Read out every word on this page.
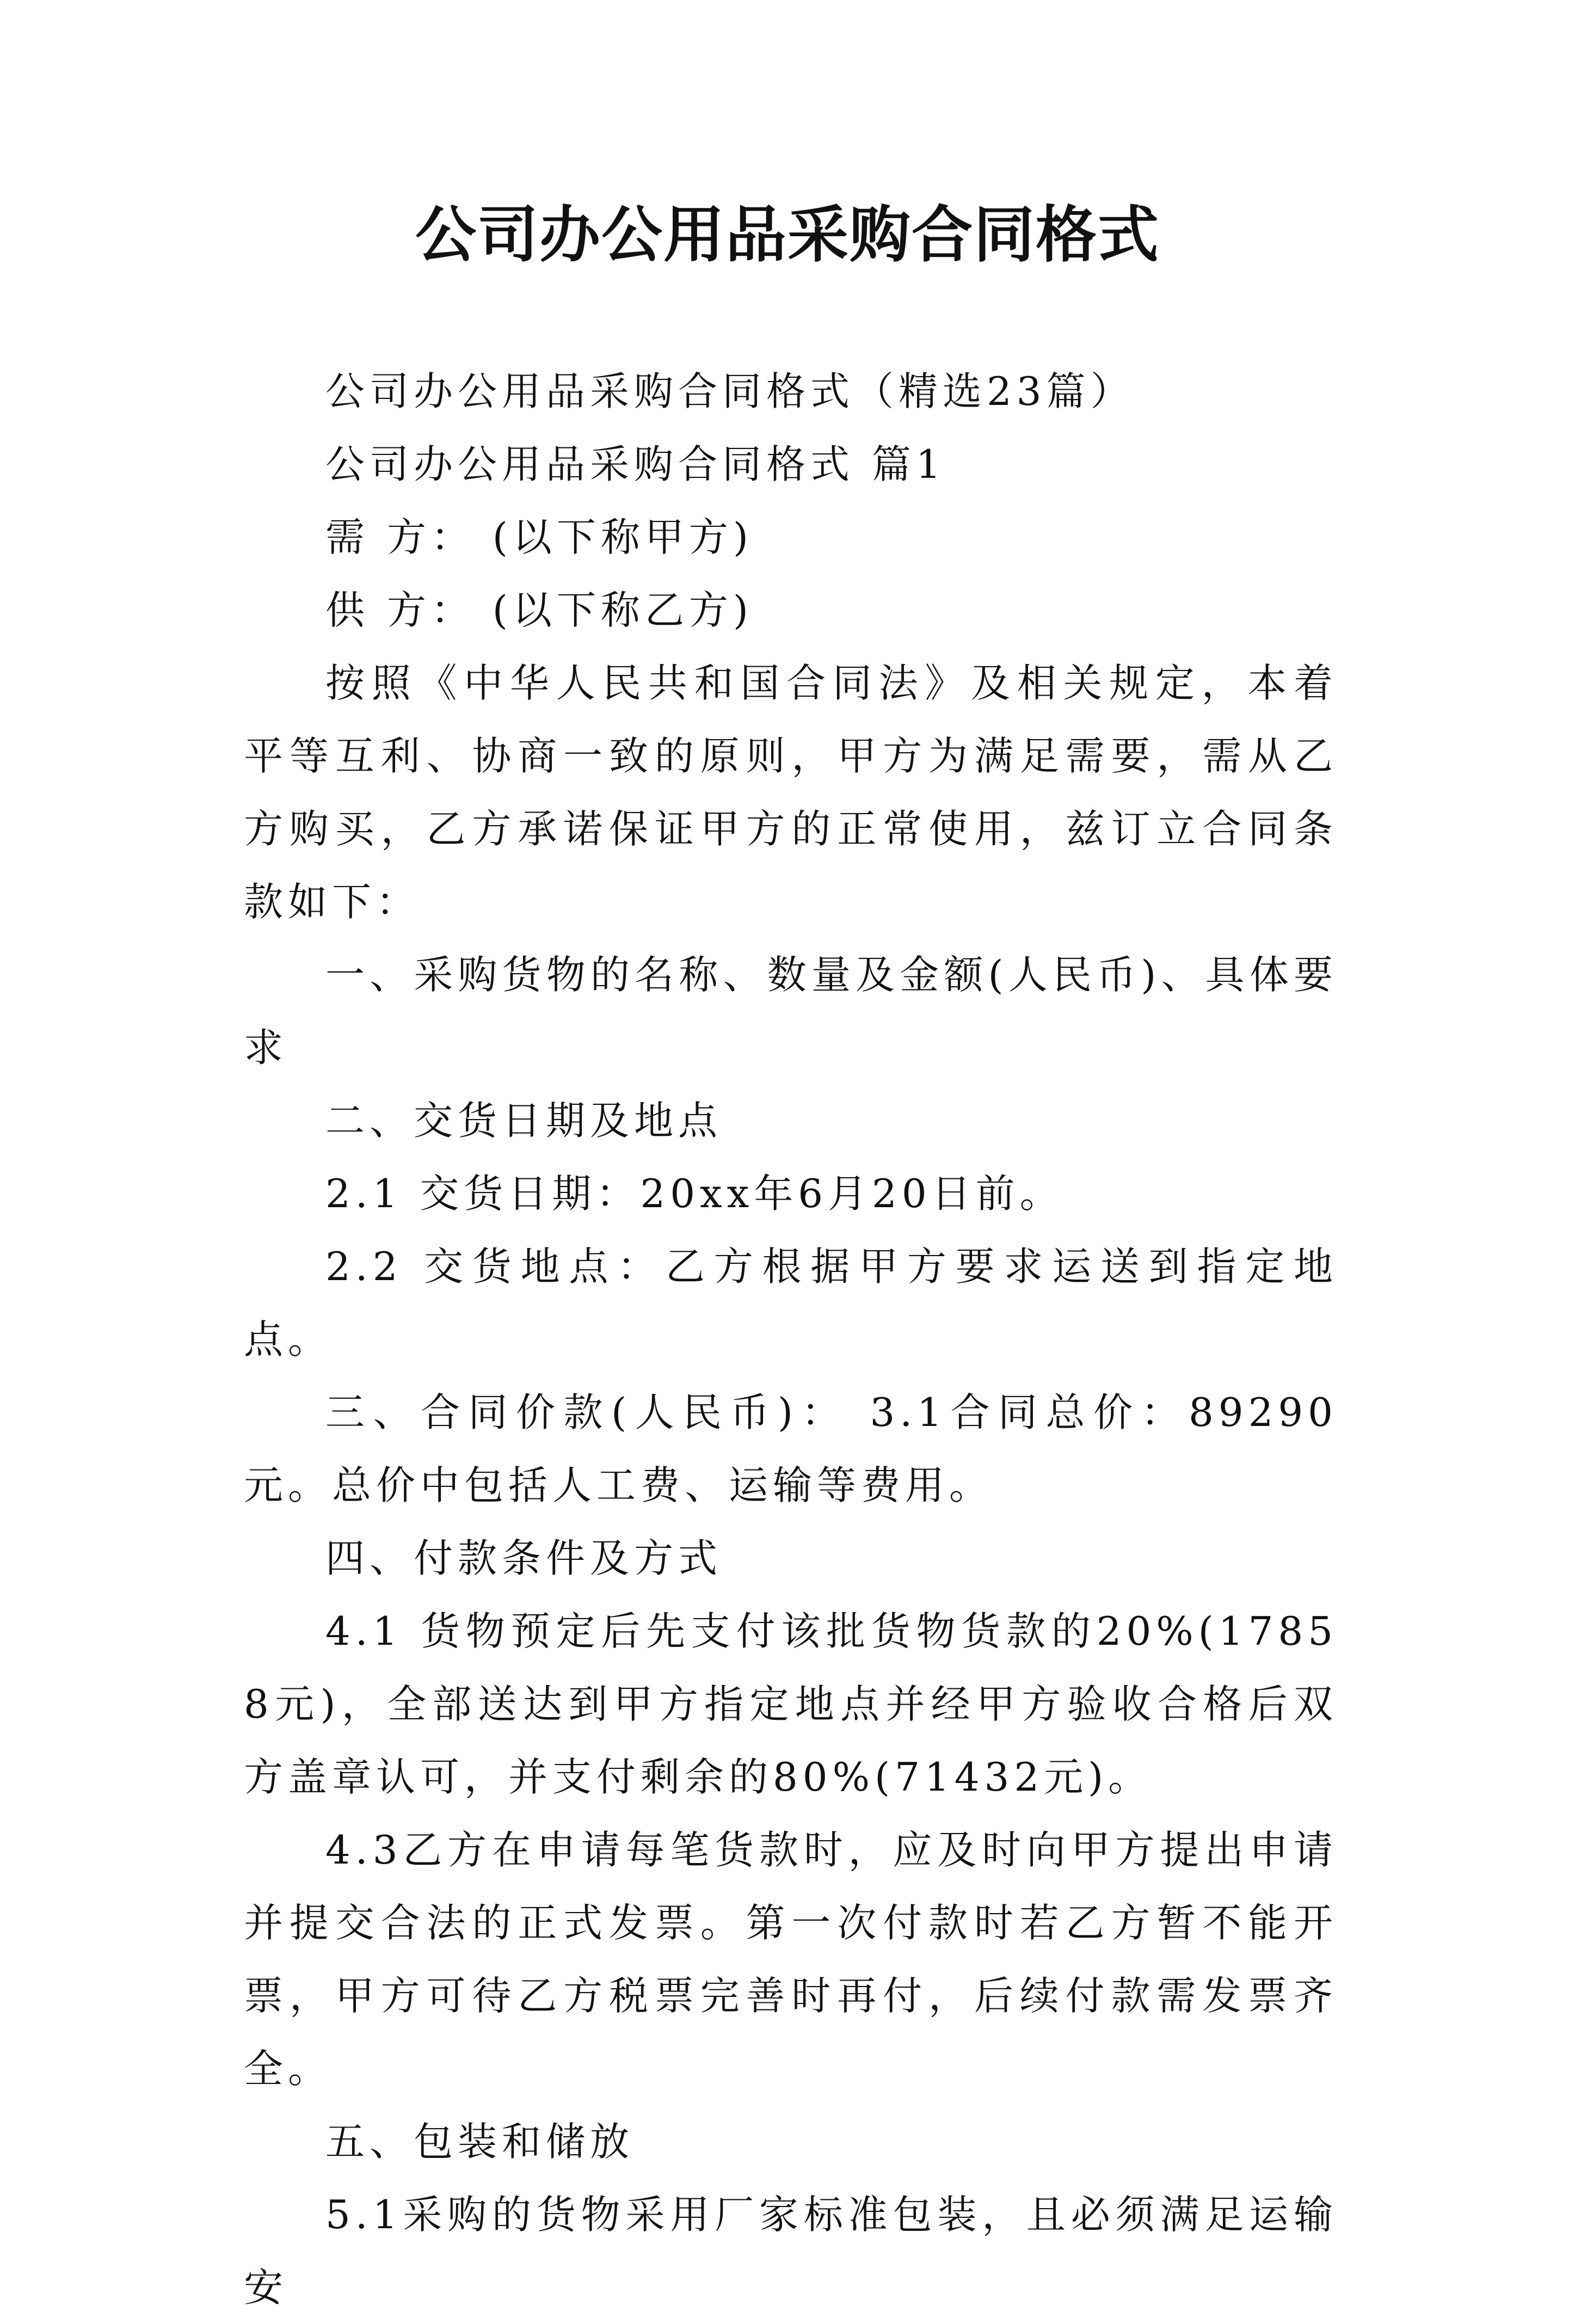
公司办公用品采购合同格式

公司办公用品采购合同格式（精选23篇）

公司办公用品采购合同格式 篇1

需 方： (以下称甲方)

供 方： (以下称乙方)

按照《中华人民共和国合同法》及相关规定，本着平等互利、协商一致的原则，甲方为满足需要，需从乙方购买，乙方承诺保证甲方的正常使用，兹订立合同条款如下：

一、采购货物的名称、数量及金额(人民币)、具体要求

二、交货日期及地点

2.1 交货日期：20xx年6月20日前。

2.2 交货地点：乙方根据甲方要求运送到指定地点。

三、合同价款(人民币)： 3.1合同总价：89290元。总价中包括人工费、运输等费用。

四、付款条件及方式

4.1 货物预定后先支付该批货物货款的20%(17858元)，全部送达到甲方指定地点并经甲方验收合格后双方盖章认可，并支付剩余的80%(71432元)。

4.3乙方在申请每笔货款时，应及时向甲方提出申请并提交合法的正式发票。第一次付款时若乙方暂不能开票，甲方可待乙方税票完善时再付，后续付款需发票齐全。

五、包装和储放

5.1采购的货物采用厂家标准包装，且必须满足运输安
